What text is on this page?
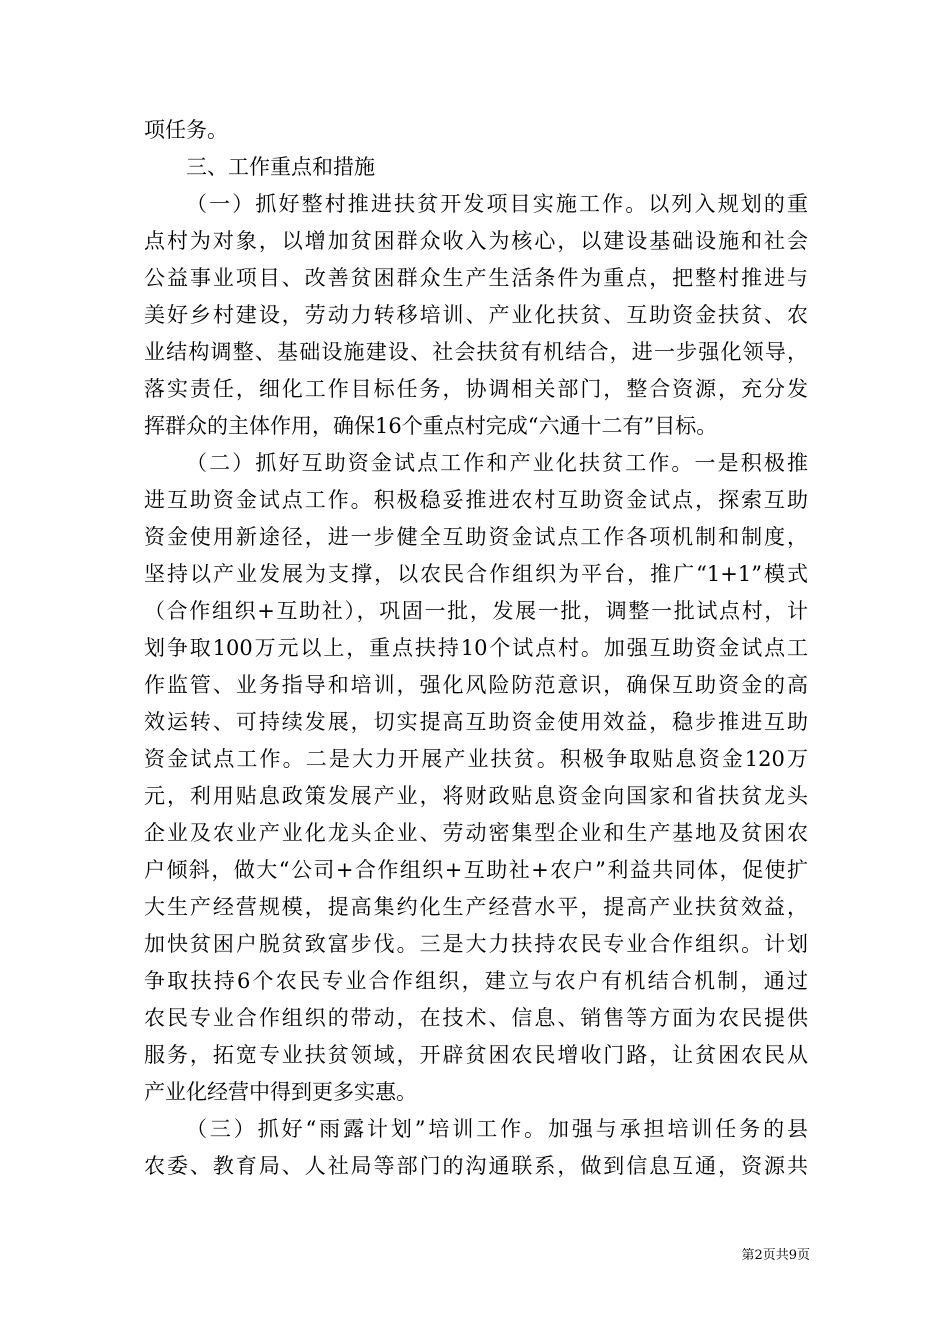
项任务。
三、工作重点和措施
（一）抓好整村推进扶贫开发项目实施工作。以列入规划的重
点村为对象，以增加贫困群众收入为核心，以建设基础设施和社会
公益事业项目、改善贫困群众生产生活条件为重点，把整村推进与
美好乡村建设，劳动力转移培训、产业化扶贫、互助资金扶贫、农
业结构调整、基础设施建设、社会扶贫有机结合，进一步强化领导，
落实责任，细化工作目标任务，协调相关部门，整合资源，充分发
挥群众的主体作用，确保16个重点村完成“六通十二有”目标。
（二）抓好互助资金试点工作和产业化扶贫工作。一是积极推
进互助资金试点工作。积极稳妥推进农村互助资金试点，探索互助
资金使用新途径，进一步健全互助资金试点工作各项机制和制度，
坚持以产业发展为支撑，以农民合作组织为平台，推广“1+1”模式
（合作组织+互助社），巩固一批，发展一批，调整一批试点村，计
划争取100万元以上，重点扶持10个试点村。加强互助资金试点工
作监管、业务指导和培训，强化风险防范意识，确保互助资金的高
效运转、可持续发展，切实提高互助资金使用效益，稳步推进互助
资金试点工作。二是大力开展产业扶贫。积极争取贴息资金120万
元，利用贴息政策发展产业，将财政贴息资金向国家和省扶贫龙头
企业及农业产业化龙头企业、劳动密集型企业和生产基地及贫困农
户倾斜，做大“公司+合作组织+互助社+农户”利益共同体，促使扩
大生产经营规模，提高集约化生产经营水平，提高产业扶贫效益，
加快贫困户脱贫致富步伐。三是大力扶持农民专业合作组织。计划
争取扶持6个农民专业合作组织，建立与农户有机结合机制，通过
农民专业合作组织的带动，在技术、信息、销售等方面为农民提供
服务，拓宽专业扶贫领域，开辟贫困农民增收门路，让贫困农民从
产业化经营中得到更多实惠。
（三）抓好“雨露计划”培训工作。加强与承担培训任务的县
农委、教育局、人社局等部门的沟通联系，做到信息互通，资源共
第2页共9页
